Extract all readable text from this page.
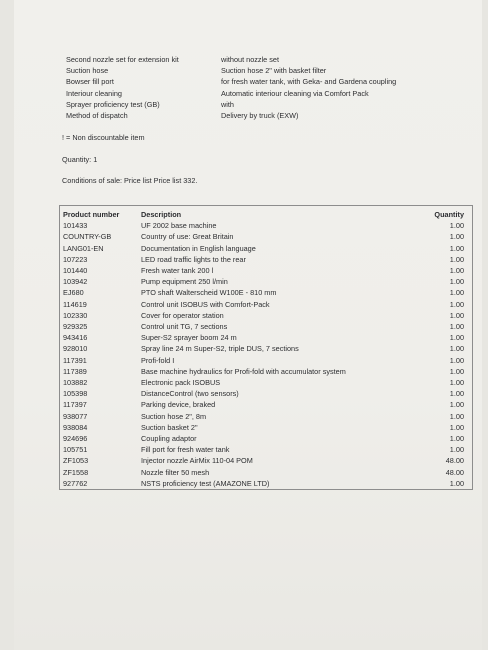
Second nozzle set for extension kit	without nozzle set
Suction hose	Suction hose 2" with basket filter
Bowser fill port	for fresh water tank, with Geka- and Gardena coupling
Interiour cleaning	Automatic interiour cleaning via Comfort Pack
Sprayer proficiency test (GB)	with
Method of dispatch	Delivery by truck (EXW)
! = Non discountable item
Quantity: 1
Conditions of sale: Price list Price list 332.
Product number	Description	Quantity
101433	UF 2002 base machine	1.00
COUNTRY-GB	Country of use: Great Britain	1.00
LANG01-EN	Documentation in English language	1.00
107223	LED road traffic lights to the rear	1.00
101440	Fresh water tank 200 l	1.00
103942	Pump equipment 250 l/min	1.00
EJ680	PTO shaft Walterscheid W100E - 810 mm	1.00
114619	Control unit ISOBUS with Comfort-Pack	1.00
102330	Cover for operator station	1.00
929325	Control unit TG, 7 sections	1.00
943416	Super-S2 sprayer boom 24 m	1.00
928010	Spray line 24 m Super-S2, triple DUS, 7 sections	1.00
117391	Profi-fold I	1.00
117389	Base machine hydraulics for Profi-fold with accumulator system	1.00
103882	Electronic pack ISOBUS	1.00
105398	DistanceControl (two sensors)	1.00
117397	Parking device, braked	1.00
938077	Suction hose 2", 8m	1.00
938084	Suction basket 2"	1.00
924696	Coupling adaptor	1.00
105751	Fill port for fresh water tank	1.00
ZF1053	Injector nozzle AirMix 110-04 POM	48.00
ZF1558	Nozzle filter 50 mesh	48.00
927762	NSTS proficiency test (AMAZONE LTD)	1.00
